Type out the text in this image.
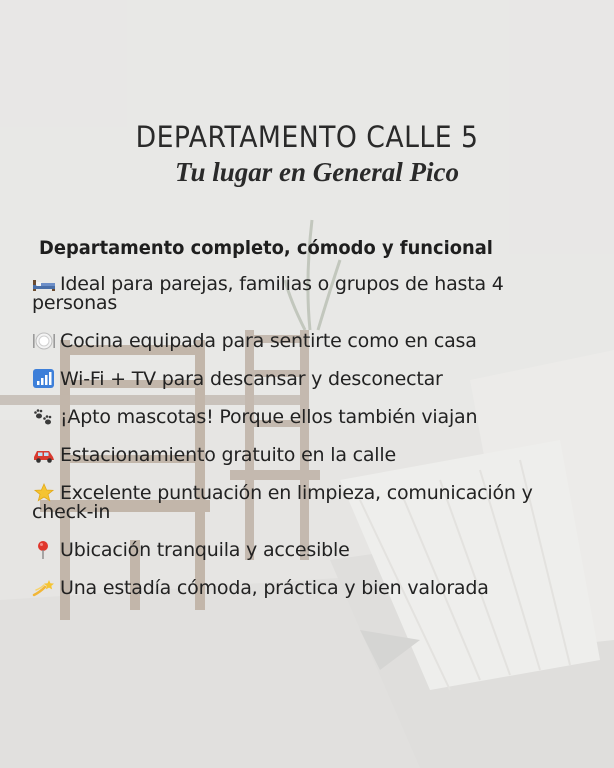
DEPARTAMENTO CALLE 5
Tu lugar en General Pico
Departamento completo, cómodo y funcional
Ideal para parejas, familias o grupos de hasta 4 personas
Cocina equipada para sentirte como en casa
Wi-Fi + TV para descansar y desconectar
¡Apto mascotas! Porque ellos también viajan
Estacionamiento gratuito en la calle
Excelente puntuación en limpieza, comunicación y check-in
Ubicación tranquila y accesible
Una estadía cómoda, práctica y bien valorada
